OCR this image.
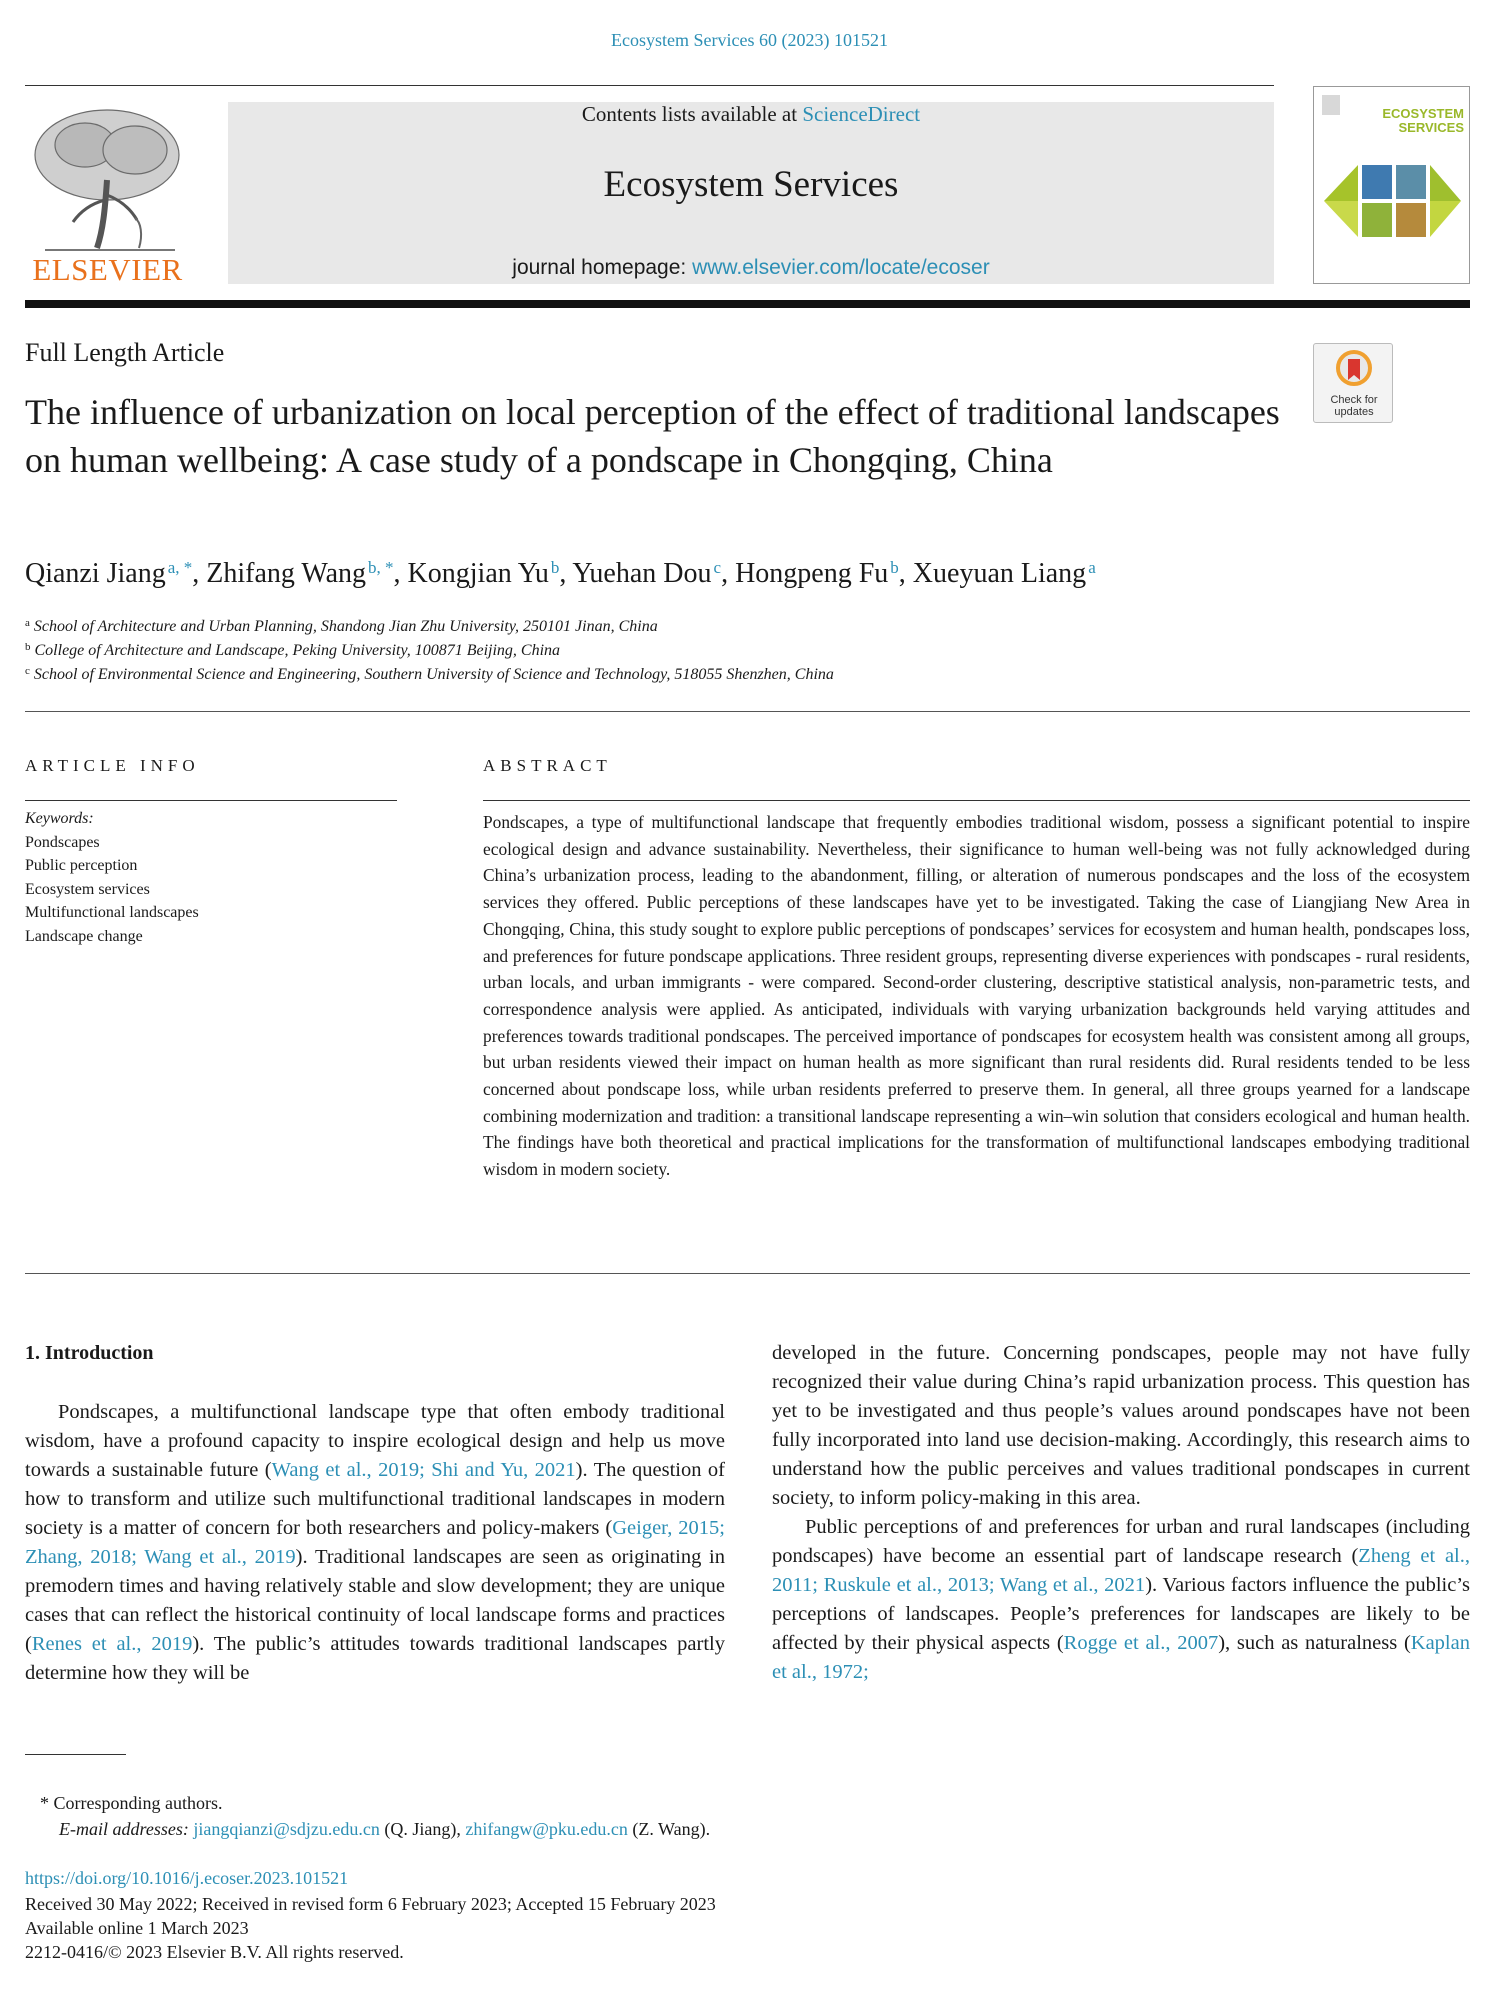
Ecosystem Services 60 (2023) 101521
ELSEVIER
Contents lists available at ScienceDirect
Ecosystem Services
journal homepage: www.elsevier.com/locate/ecoser
ECOSYSTEM
SERVICES
Full Length Article
Check for
updates
The influence of urbanization on local perception of the effect of traditional landscapes on human wellbeing: A case study of a pondscape in Chongqing, China
Qianzi Jiang $^{a, *}$, Zhifang Wang $^{b, *}$, Kongjian Yu $^b$, Yuehan Dou $^c$, Hongpeng Fu $^b$, Xueyuan Liang $^a$
$^a$ School of Architecture and Urban Planning, Shandong Jian Zhu University, 250101 Jinan, China
$^b$ College of Architecture and Landscape, Peking University, 100871 Beijing, China
$^c$ School of Environmental Science and Engineering, Southern University of Science and Technology, 518055 Shenzhen, China
ARTICLE INFO
Keywords:
Pondscapes
Public perception
Ecosystem services
Multifunctional landscapes
Landscape change
ABSTRACT
Pondscapes, a type of multifunctional landscape that frequently embodies traditional wisdom, possess a significant potential to inspire ecological design and advance sustainability. Nevertheless, their significance to human well-being was not fully acknowledged during China’s urbanization process, leading to the abandonment, filling, or alteration of numerous pondscapes and the loss of the ecosystem services they offered. Public perceptions of these landscapes have yet to be investigated. Taking the case of Liangjiang New Area in Chongqing, China, this study sought to explore public perceptions of pondscapes’ services for ecosystem and human health, pondscapes loss, and preferences for future pondscape applications. Three resident groups, representing diverse experiences with pondscapes - rural residents, urban locals, and urban immigrants - were compared. Second-order clustering, descriptive statistical analysis, non-parametric tests, and correspondence analysis were applied. As anticipated, individuals with varying urbanization backgrounds held varying attitudes and preferences towards traditional pondscapes. The perceived importance of pondscapes for ecosystem health was consistent among all groups, but urban residents viewed their impact on human health as more significant than rural residents did. Rural residents tended to be less concerned about pondscape loss, while urban residents preferred to preserve them. In general, all three groups yearned for a landscape combining modernization and tradition: a transitional landscape representing a win–win solution that considers ecological and human health. The findings have both theoretical and practical implications for the transformation of multifunctional landscapes embodying traditional wisdom in modern society.
1. Introduction

Pondscapes, a multifunctional landscape type that often embody traditional wisdom, have a profound capacity to inspire ecological design and help us move towards a sustainable future (Wang et al., 2019; Shi and Yu, 2021). The question of how to transform and utilize such multifunctional traditional landscapes in modern society is a matter of concern for both researchers and policy-makers (Geiger, 2015; Zhang, 2018; Wang et al., 2019). Traditional landscapes are seen as originating in premodern times and having relatively stable and slow development; they are unique cases that can reflect the historical continuity of local landscape forms and practices (Renes et al., 2019). The public’s attitudes towards traditional landscapes partly determine how they will be

developed in the future. Concerning pondscapes, people may not have fully recognized their value during China’s rapid urbanization process. This question has yet to be investigated and thus people’s values around pondscapes have not been fully incorporated into land use decision-making. Accordingly, this research aims to understand how the public perceives and values traditional pondscapes in current society, to inform policy-making in this area.

Public perceptions of and preferences for urban and rural landscapes (including pondscapes) have become an essential part of landscape research (Zheng et al., 2011; Ruskule et al., 2013; Wang et al., 2021). Various factors influence the public’s perceptions of landscapes. People’s preferences for landscapes are likely to be affected by their physical aspects (Rogge et al., 2007), such as naturalness (Kaplan et al., 1972;

* Corresponding authors.
E-mail addresses: jiangqianzi@sdjzu.edu.cn (Q. Jiang), zhifangw@pku.edu.cn (Z. Wang).
https://doi.org/10.1016/j.ecoser.2023.101521
Received 30 May 2022; Received in revised form 6 February 2023; Accepted 15 February 2023
Available online 1 March 2023
2212-0416/© 2023 Elsevier B.V. All rights reserved.
